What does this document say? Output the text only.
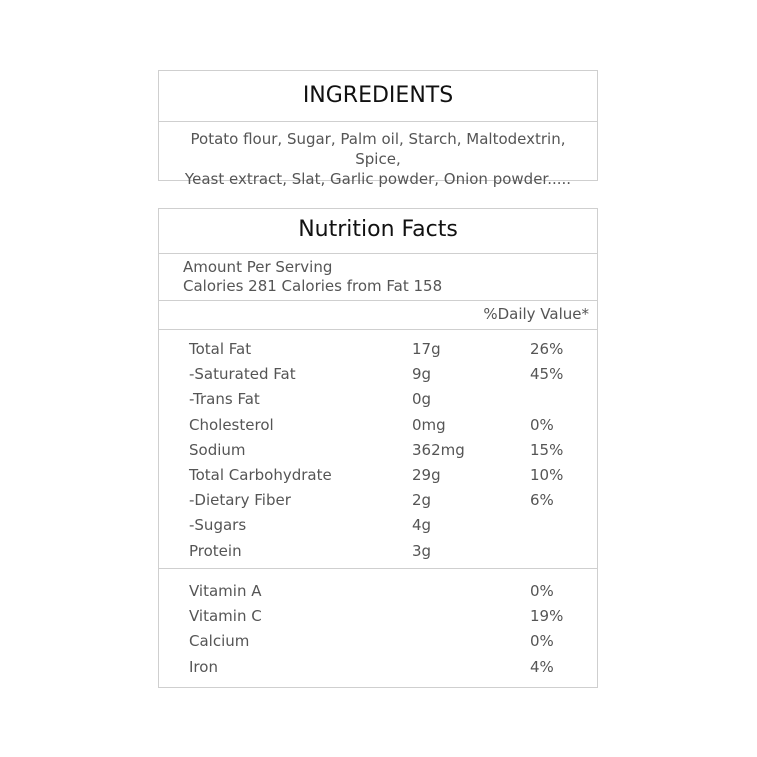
INGREDIENTS
Potato flour, Sugar, Palm oil, Starch, Maltodextrin, Spice,
Yeast extract, Slat, Garlic powder, Onion powder.....
Nutrition Facts
Amount Per Serving
Calories 281 Calories from Fat 158
%Daily Value*
Total Fat	17g	26%
-Saturated Fat	9g	45%
-Trans Fat	0g
Cholesterol	0mg	0%
Sodium	362mg	15%
Total Carbohydrate	29g	10%
-Dietary Fiber	2g	6%
-Sugars	4g
Protein	3g
Vitamin A	0%
Vitamin C	19%
Calcium	0%
Iron	4%
